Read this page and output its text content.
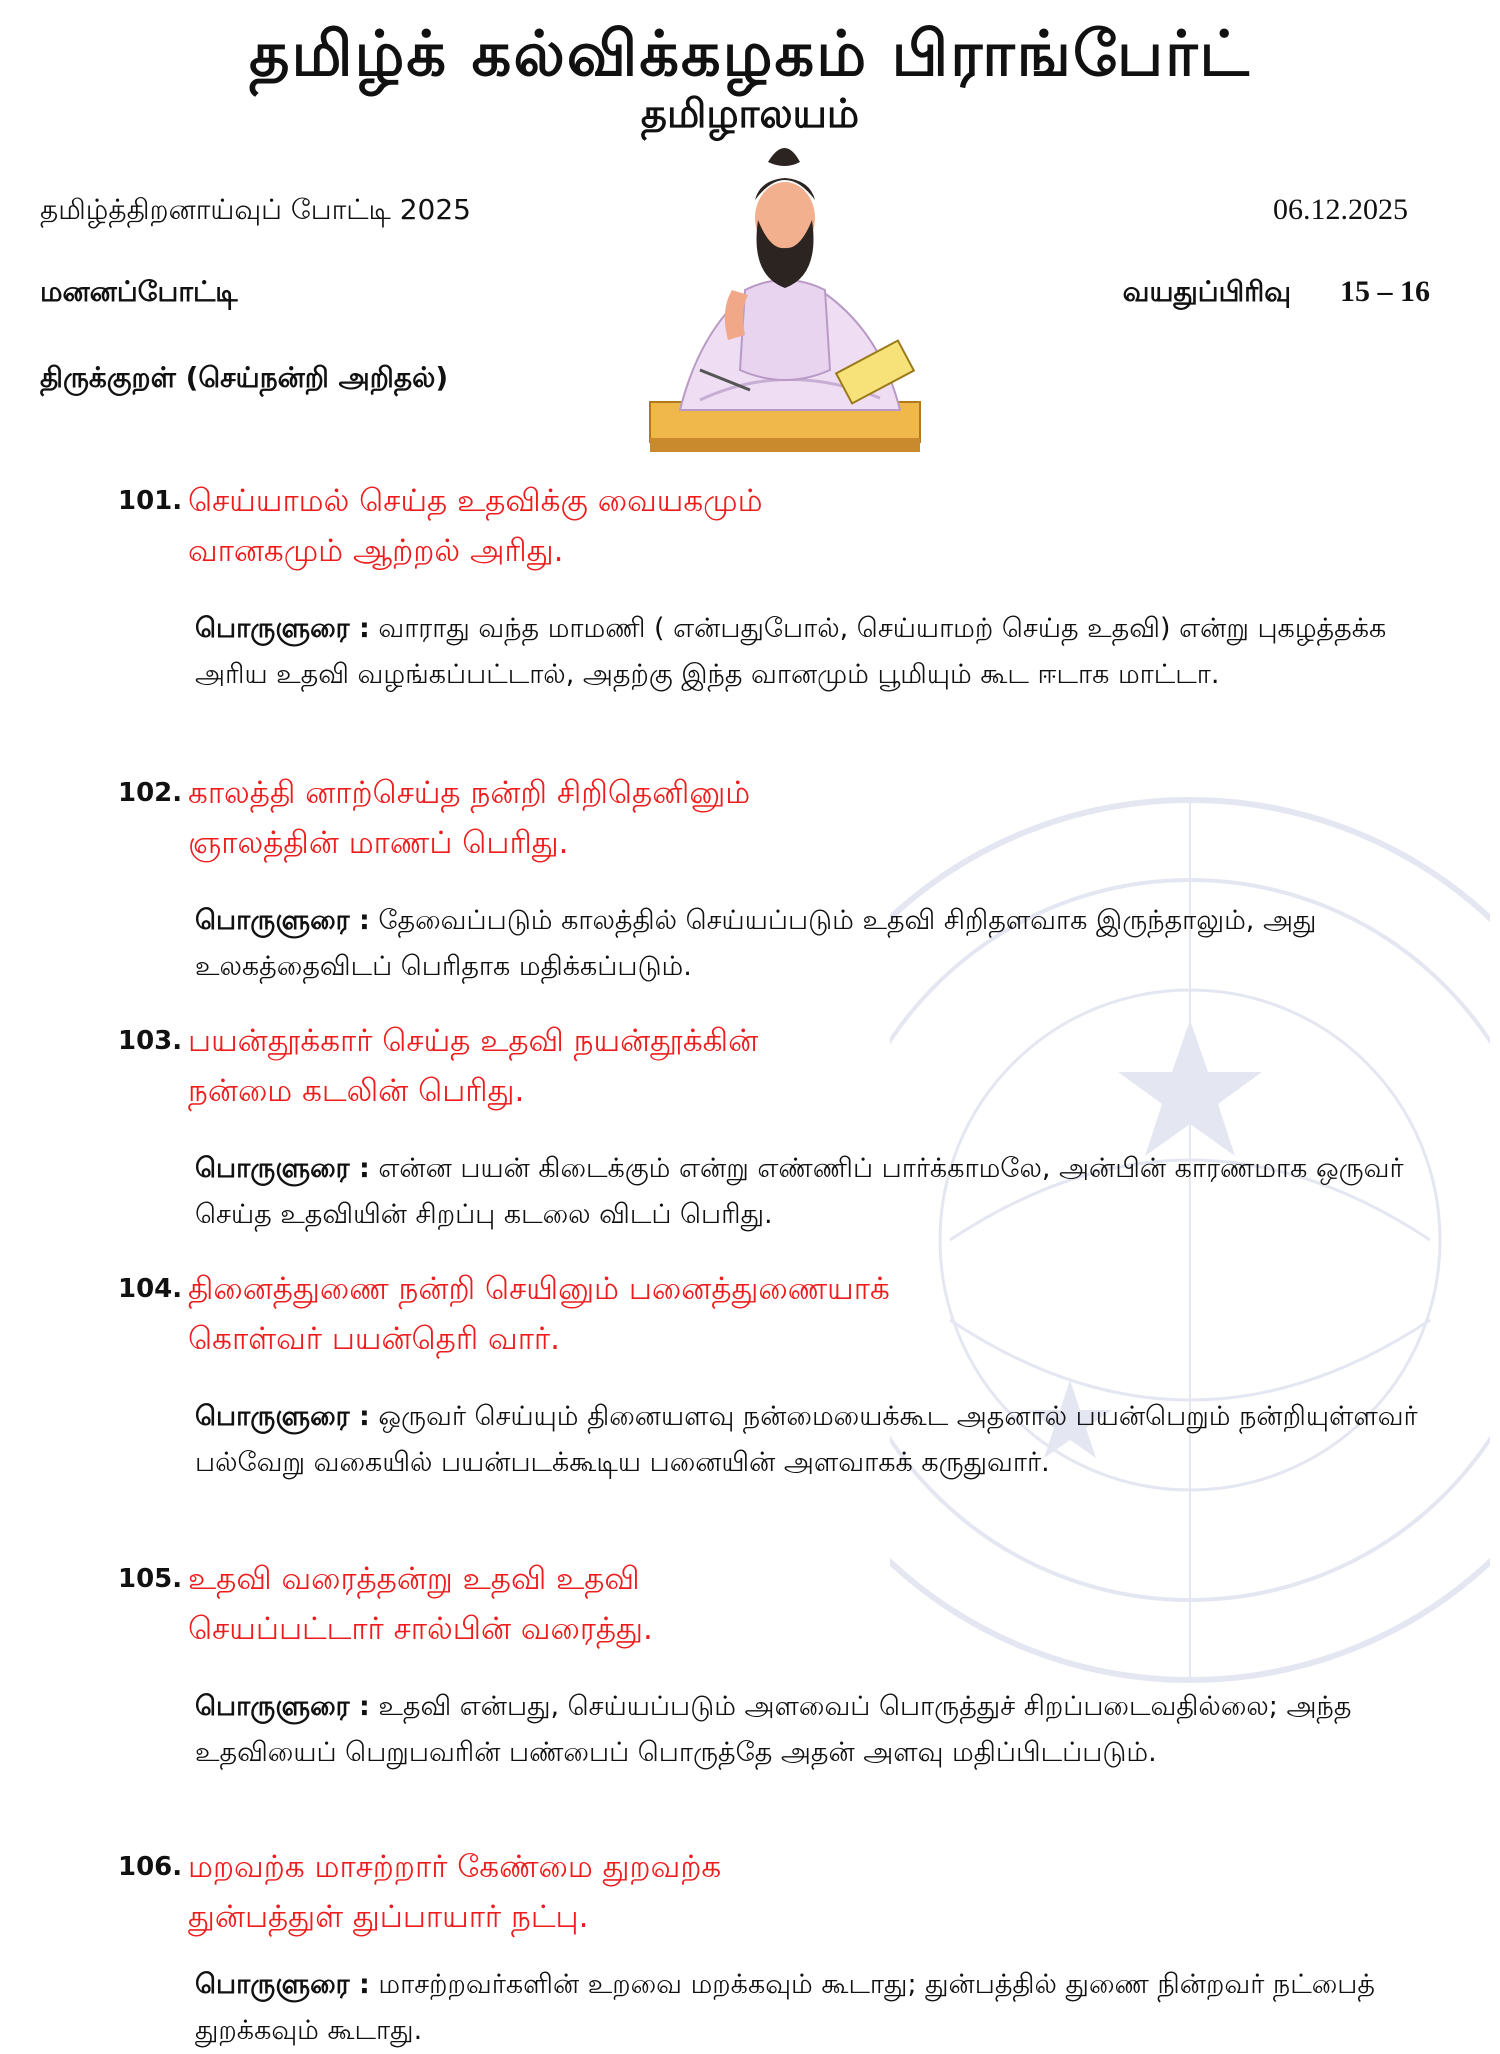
தமிழ்க் கல்விக்கழகம் பிராங்பேர்ட்
தமிழாலயம்
தமிழ்த்திறனாய்வுப் போட்டி 2025	06.12.2025
மனனப்போட்டி	வயதுப்பிரிவு 15 – 16
திருக்குறள் (செய்நன்றி அறிதல்)
101. செய்யாமல் செய்த உதவிக்கு வையகமும்
வானகமும் ஆற்றல் அரிது.
பொருளுரை : வாராது வந்த மாமணி ( என்பதுபோல், செய்யாமற் செய்த உதவி) என்று புகழத்தக்க அரிய உதவி வழங்கப்பட்டால், அதற்கு இந்த வானமும் பூமியும் கூட ஈடாக மாட்டா.
102. காலத்தி னாற்செய்த நன்றி சிறிதெனினும்
ஞாலத்தின் மாணப் பெரிது.
பொருளுரை : தேவைப்படும் காலத்தில் செய்யப்படும் உதவி சிறிதளவாக இருந்தாலும், அது உலகத்தைவிடப் பெரிதாக மதிக்கப்படும்.
103. பயன்தூக்கார் செய்த உதவி நயன்தூக்கின்
நன்மை கடலின் பெரிது.
பொருளுரை : என்ன பயன் கிடைக்கும் என்று எண்ணிப் பார்க்காமலே, அன்பின் காரணமாக ஒருவர் செய்த உதவியின் சிறப்பு கடலை விடப் பெரிது.
104. தினைத்துணை நன்றி செயினும் பனைத்துணையாக்
கொள்வர் பயன்தெரி வார்.
பொருளுரை : ஒருவர் செய்யும் தினையளவு நன்மையைக்கூட அதனால் பயன்பெறும் நன்றியுள்ளவர் பல்வேறு வகையில் பயன்படக்கூடிய பனையின் அளவாகக் கருதுவார்.
105. உதவி வரைத்தன்று உதவி உதவி
செயப்பட்டார் சால்பின் வரைத்து.
பொருளுரை : உதவி என்பது, செய்யப்படும் அளவைப் பொருத்துச் சிறப்படைவதில்லை; அந்த உதவியைப் பெறுபவரின் பண்பைப் பொருத்தே அதன் அளவு மதிப்பிடப்படும்.
106. மறவற்க மாசற்றார் கேண்மை துறவற்க
துன்பத்துள் துப்பாயார் நட்பு.
பொருளுரை : மாசற்றவர்களின் உறவை மறக்கவும் கூடாது; துன்பத்தில் துணை நின்றவர் நட்பைத் துறக்கவும் கூடாது.
